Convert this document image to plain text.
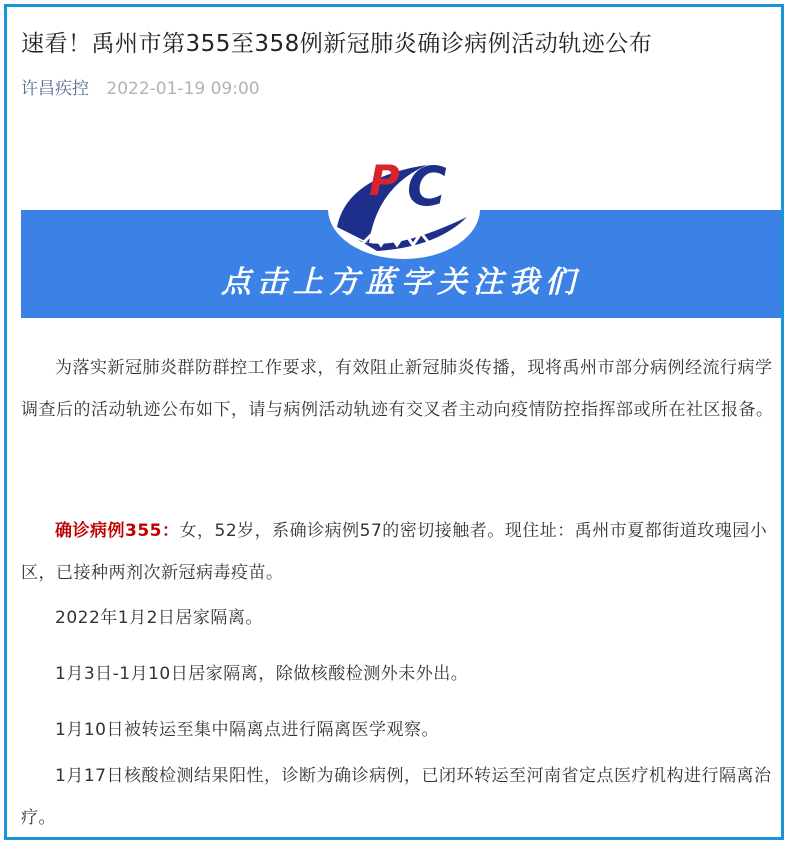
速看！禹州市第355至358例新冠肺炎确诊病例活动轨迹公布
许昌疾控 2022-01-19 09:00
P C
C
点击上方蓝字关注我们

为落实新冠肺炎群防群控工作要求，有效阻止新冠肺炎传播，现将禹州市部分病例经流行病学调查后的活动轨迹公布如下，请与病例活动轨迹有交叉者主动向疫情防控指挥部或所在社区报备。

确诊病例355：女，52岁，系确诊病例57的密切接触者。现住址：禹州市夏都街道玫瑰园小区，已接种两剂次新冠病毒疫苗。

2022年1月2日居家隔离。

1月3日-1月10日居家隔离，除做核酸检测外未外出。

1月10日被转运至集中隔离点进行隔离医学观察。

1月17日核酸检测结果阳性，诊断为确诊病例，已闭环转运至河南省定点医疗机构进行隔离治疗。
